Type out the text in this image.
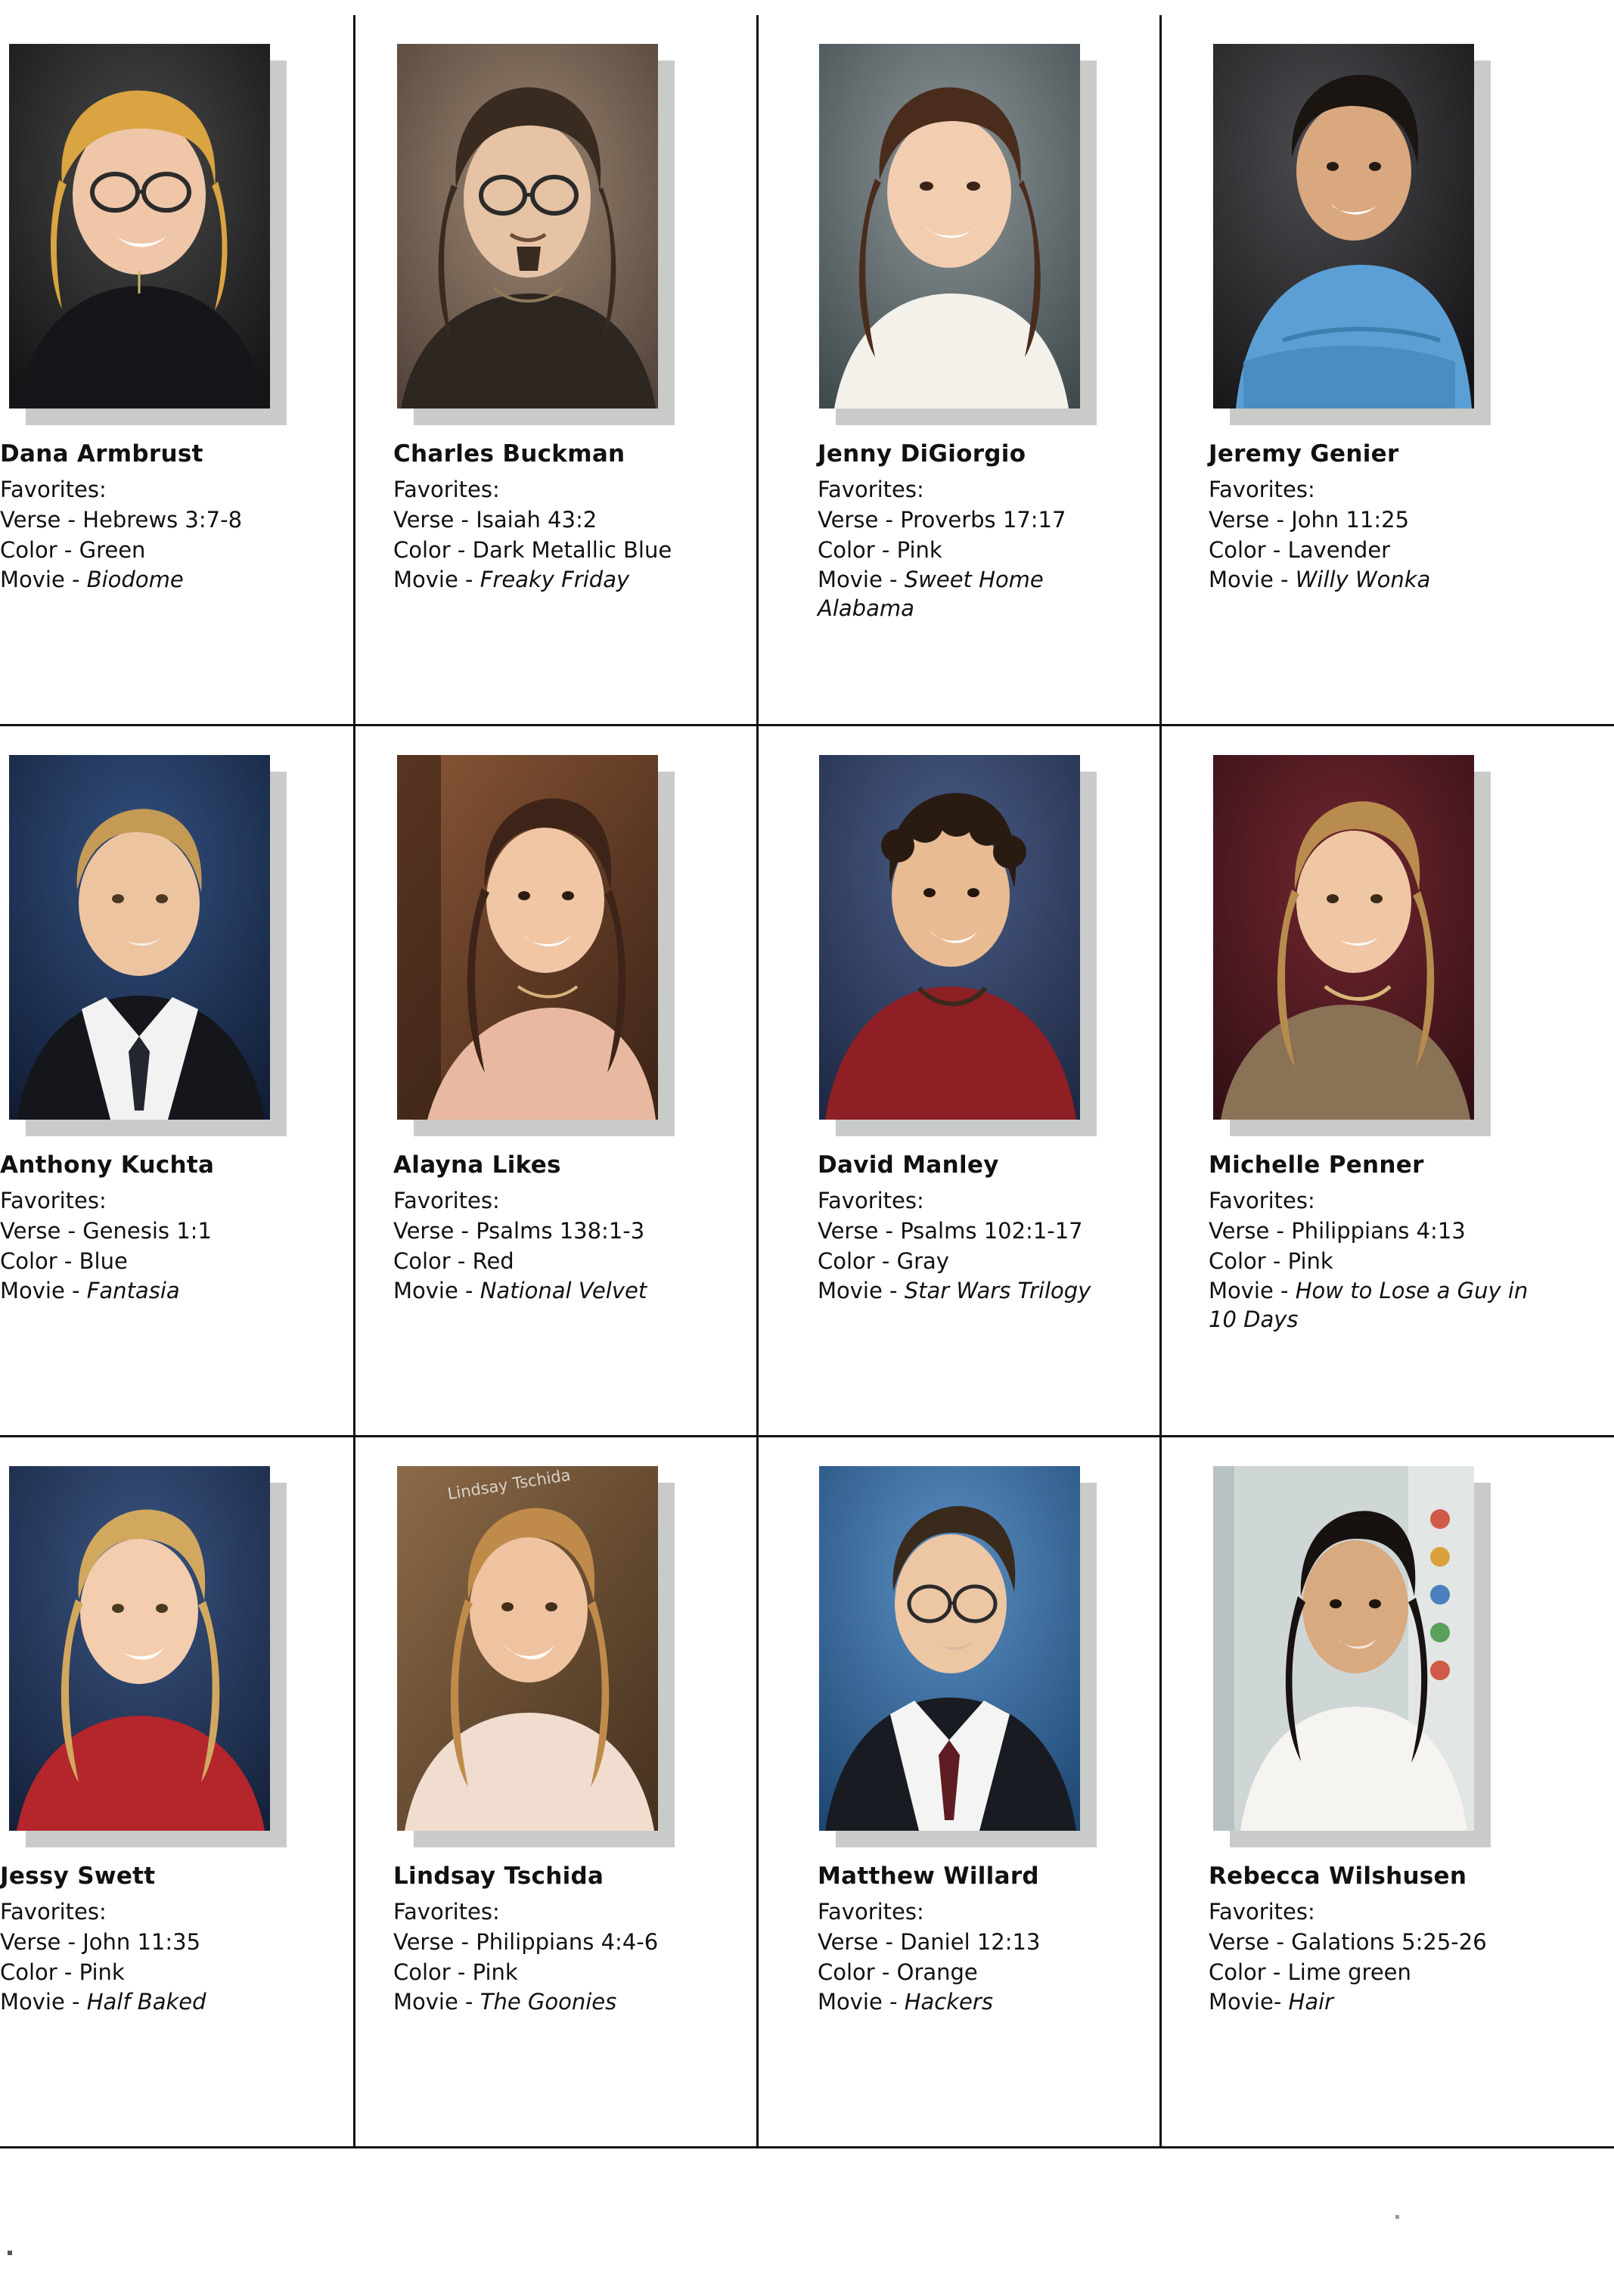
Dana Armbrust
Favorites:
Verse - Hebrews 3:7-8
Color - Green
Movie - Biodome
Charles Buckman
Favorites:
Verse - Isaiah 43:2
Color - Dark Metallic Blue
Movie - Freaky Friday
Jenny DiGiorgio
Favorites:
Verse - Proverbs 17:17
Color - Pink
Movie - Sweet Home Alabama
Jeremy Genier
Favorites:
Verse - John 11:25
Color - Lavender
Movie - Willy Wonka
Anthony Kuchta
Favorites:
Verse - Genesis 1:1
Color - Blue
Movie - Fantasia
Alayna Likes
Favorites:
Verse - Psalms 138:1-3
Color - Red
Movie - National Velvet
David Manley
Favorites:
Verse - Psalms 102:1-17
Color - Gray
Movie - Star Wars Trilogy
Michelle Penner
Favorites:
Verse - Philippians 4:13
Color - Pink
Movie - How to Lose a Guy in 10 Days
Jessy Swett
Favorites:
Verse - John 11:35
Color - Pink
Movie - Half Baked
Lindsay Tschida
Lindsay Tschida
Favorites:
Verse - Philippians 4:4-6
Color - Pink
Movie - The Goonies
Matthew Willard
Favorites:
Verse - Daniel 12:13
Color - Orange
Movie - Hackers
Rebecca Wilshusen
Favorites:
Verse - Galations 5:25-26
Color - Lime green
Movie- Hair
